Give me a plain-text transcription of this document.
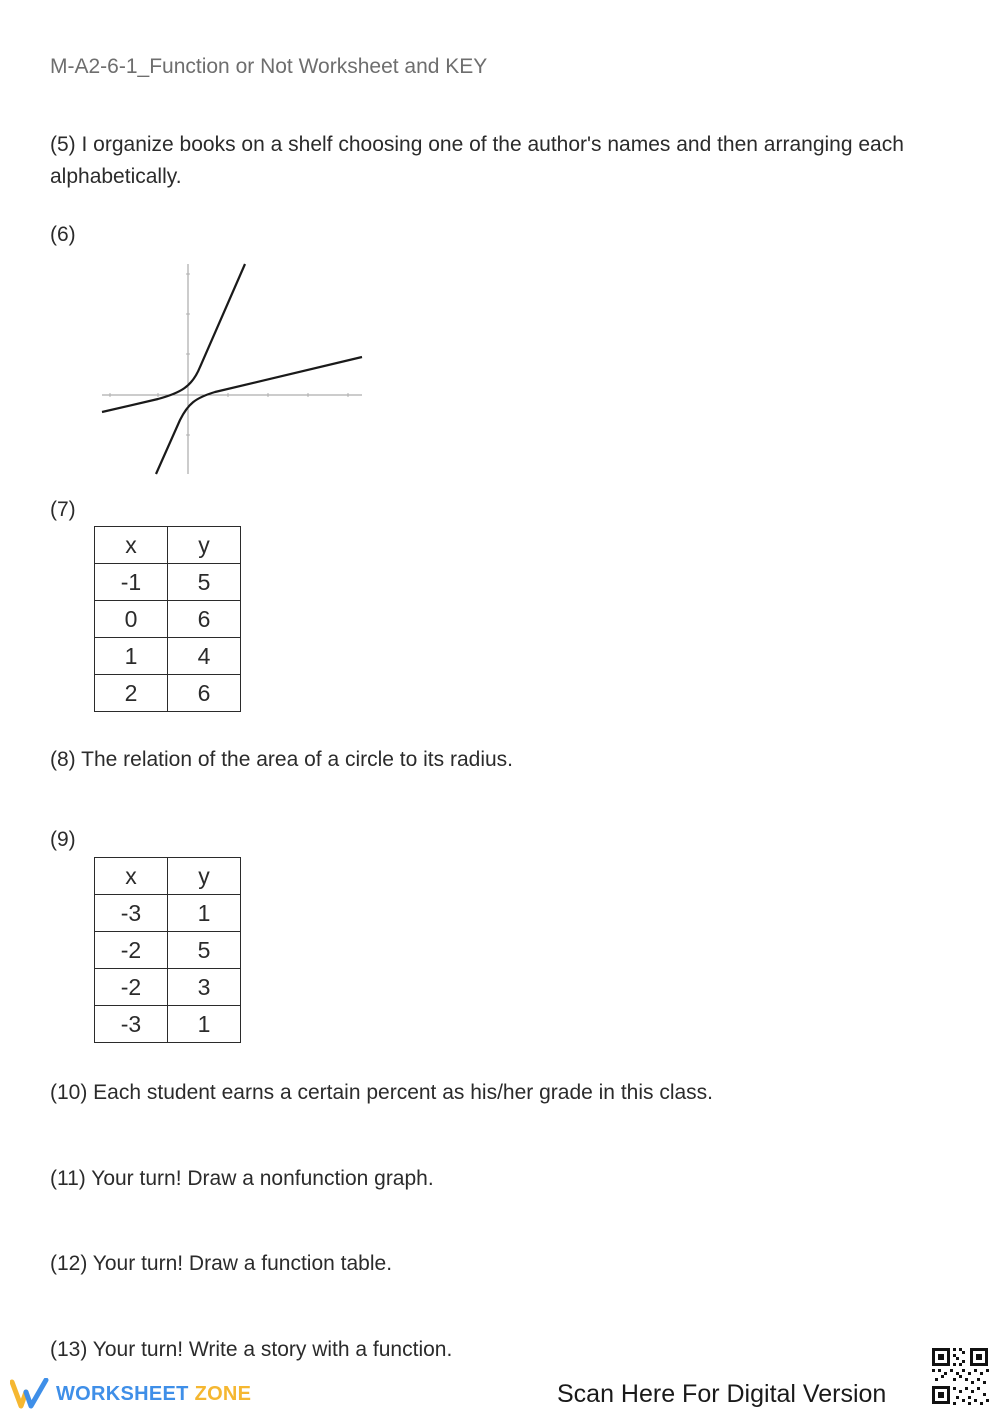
M-A2-6-1_Function or Not Worksheet and KEY
(5) I organize books on a shelf choosing one of the author's names and then arranging each alphabetically.
(6)
(7)
x	y
-1	5
0	6
1	4
2	6
(8) The relation of the area of a circle to its radius.
(9)
x	y
-3	1
-2	5
-2	3
-3	1
(10) Each student earns a certain percent as his/her grade in this class.
(11) Your turn! Draw a nonfunction graph.
(12) Your turn! Draw a function table.
(13) Your turn! Write a story with a function.
WORKSHEET ZONE	Scan Here For Digital Version
